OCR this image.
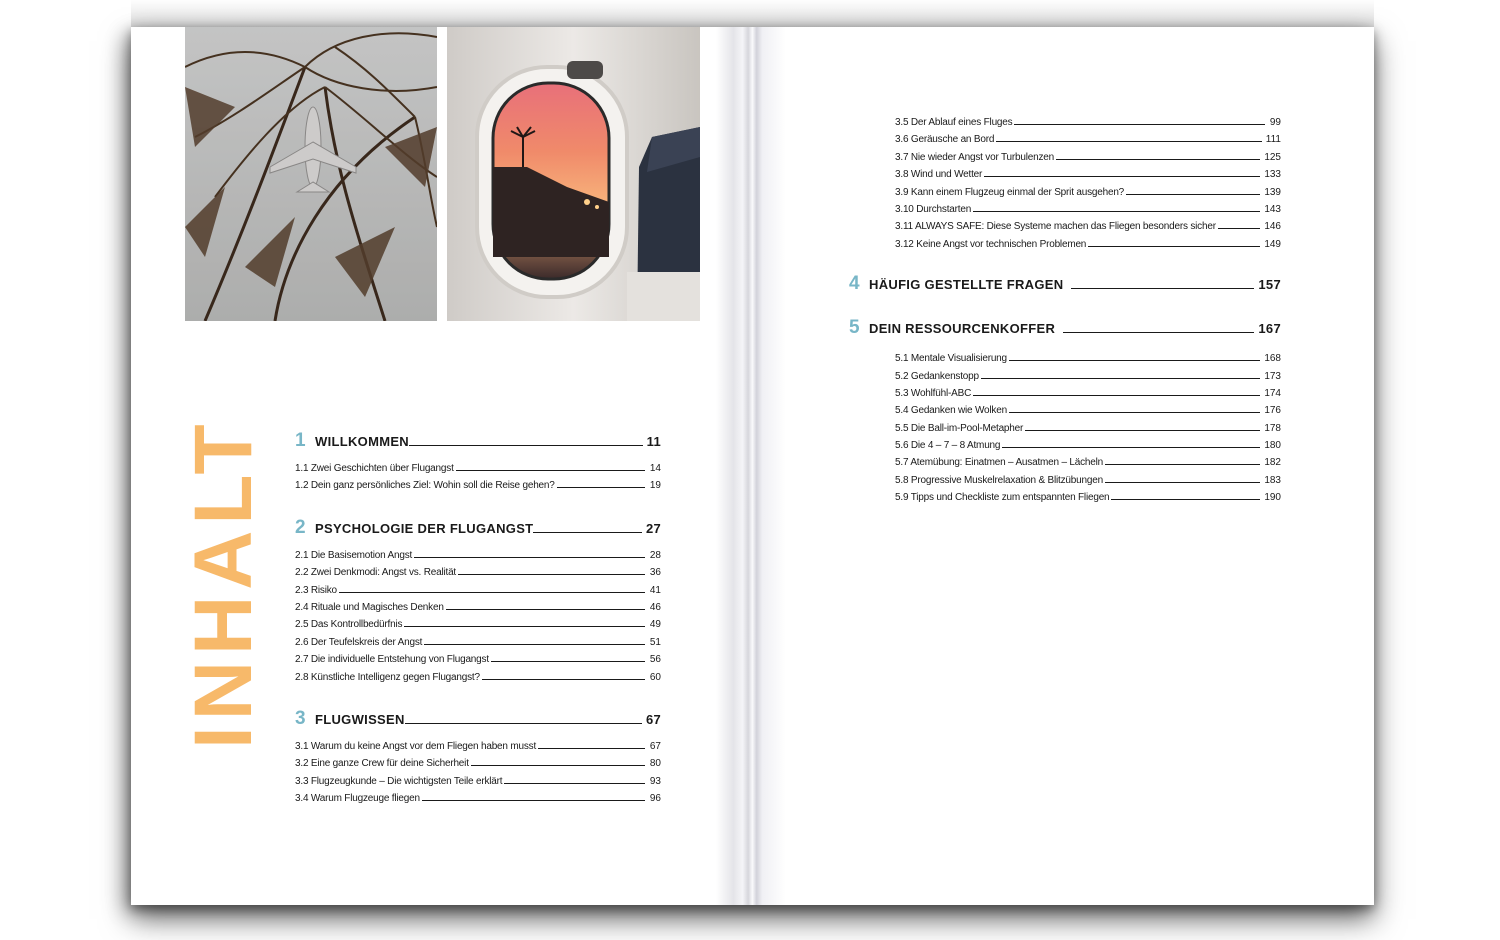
INHALT 1 WILLKOMMEN	11
1.1 Zwei Geschichten über Flugangst	14
1.2 Dein ganz persönliches Ziel: Wohin soll die Reise gehen?	19
2 PSYCHOLOGIE DER FLUGANGST	27
2.1 Die Basisemotion Angst	28
2.2 Zwei Denkmodi: Angst vs. Realität	36
2.3 Risiko	41
2.4 Rituale und Magisches Denken	46
2.5 Das Kontrollbedürfnis	49
2.6 Der Teufelskreis der Angst	51
2.7 Die individuelle Entstehung von Flugangst	56
2.8 Künstliche Intelligenz gegen Flugangst?	60
3 FLUGWISSEN	67
3.1 Warum du keine Angst vor dem Fliegen haben musst	67
3.2 Eine ganze Crew für deine Sicherheit	80
3.3 Flugzeugkunde – Die wichtigsten Teile erklärt	93
3.4 Warum Flugzeuge fliegen	96
3.5 Der Ablauf eines Fluges	99
3.6 Geräusche an Bord	111
3.7 Nie wieder Angst vor Turbulenzen	125
3.8 Wind und Wetter	133
3.9 Kann einem Flugzeug einmal der Sprit ausgehen?	139
3.10 Durchstarten	143
3.11 ALWAYS SAFE: Diese Systeme machen das Fliegen besonders sicher	146
3.12 Keine Angst vor technischen Problemen	149
4 HÄUFIG GESTELLTE FRAGEN	157
5 DEIN RESSOURCENKOFFER	167
5.1 Mentale Visualisierung	168
5.2 Gedankenstopp	173
5.3 Wohlfühl-ABC	174
5.4 Gedanken wie Wolken	176
5.5 Die Ball-im-Pool-Metapher	178
5.6 Die 4 – 7 – 8 Atmung	180
5.7 Atemübung: Einatmen – Ausatmen – Lächeln	182
5.8 Progressive Muskelrelaxation & Blitzübungen	183
5.9 Tipps und Checkliste zum entspannten Fliegen	190
